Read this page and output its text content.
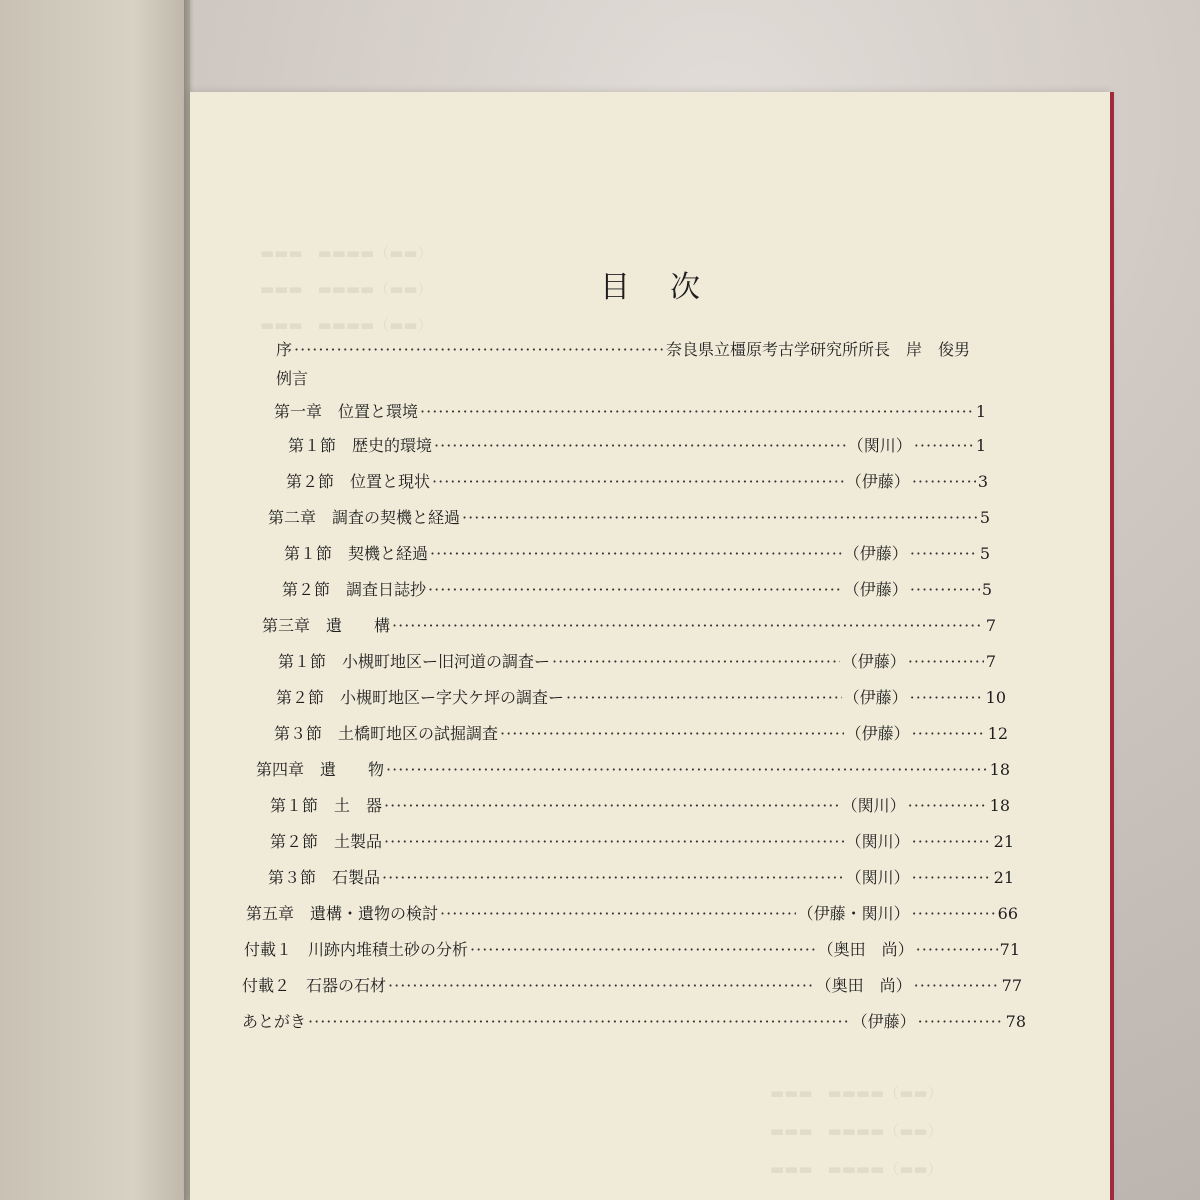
▬▬▬　▬▬▬▬（▬▬）
▬▬▬　▬▬▬▬（▬▬）
▬▬▬　▬▬▬▬（▬▬）
▬▬▬　▬▬▬▬（▬▬）
▬▬▬　▬▬▬▬（▬▬）
▬▬▬　▬▬▬▬（▬▬）
目次
序 ·····	奈良県立橿原考古学研究所所長　岸　俊男
例言
第一章　位置と環境 ·····	1
第１節　歴史的環境 ·····	（関川） ·····	1
第２節　位置と現状 ·····	（伊藤） ·····	3
第二章　調査の契機と経過 ·····	5
第１節　契機と経過 ·····	（伊藤） ·····	5
第２節　調査日誌抄 ·····	（伊藤） ·····	5
第三章　遺　　構 ·····	7
第１節　小槻町地区ー旧河道の調査ー ·····	（伊藤） ·····	7
第２節　小槻町地区ー字犬ケ坪の調査ー ·····	（伊藤） ·····	10
第３節　土橋町地区の試掘調査 ·····	（伊藤） ·····	12
第四章　遺　　物 ·····	18
第１節　土　器 ·····	（関川） ·····	18
第２節　土製品 ·····	（関川） ·····	21
第３節　石製品 ·····	（関川） ·····	21
第五章　遺構・遺物の検討 ·····	（伊藤・関川） ·····	66
付載１　川跡内堆積土砂の分析 ·····	（奥田　尚） ·····	71
付載２　石器の石材 ·····	（奥田　尚） ·····	77
あとがき ·····	（伊藤） ·····	78
